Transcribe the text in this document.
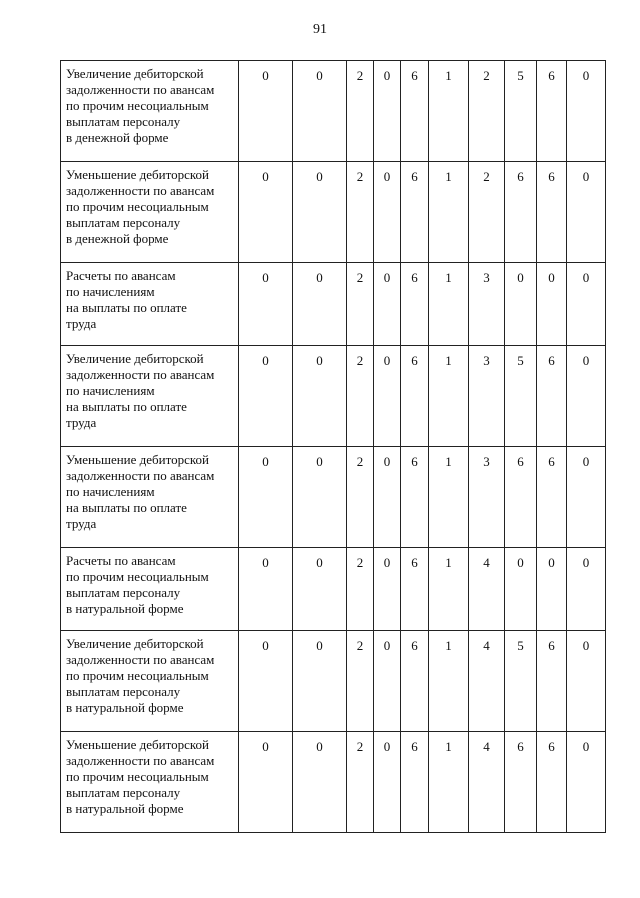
91
Увеличение дебиторской
задолженности по авансам
по прочим несоциальным
выплатам персоналу
в денежной форме	0	0	2	0	6	1	2	5	6	0
Уменьшение дебиторской
задолженности по авансам
по прочим несоциальным
выплатам персоналу
в денежной форме	0	0	2	0	6	1	2	6	6	0
Расчеты по авансам
по начислениям
на выплаты по оплате
труда	0	0	2	0	6	1	3	0	0	0
Увеличение дебиторской
задолженности по авансам
по начислениям
на выплаты по оплате
труда	0	0	2	0	6	1	3	5	6	0
Уменьшение дебиторской
задолженности по авансам
по начислениям
на выплаты по оплате
труда	0	0	2	0	6	1	3	6	6	0
Расчеты по авансам
по прочим несоциальным
выплатам персоналу
в натуральной форме	0	0	2	0	6	1	4	0	0	0
Увеличение дебиторской
задолженности по авансам
по прочим несоциальным
выплатам персоналу
в натуральной форме	0	0	2	0	6	1	4	5	6	0
Уменьшение дебиторской
задолженности по авансам
по прочим несоциальным
выплатам персоналу
в натуральной форме	0	0	2	0	6	1	4	6	6	0
